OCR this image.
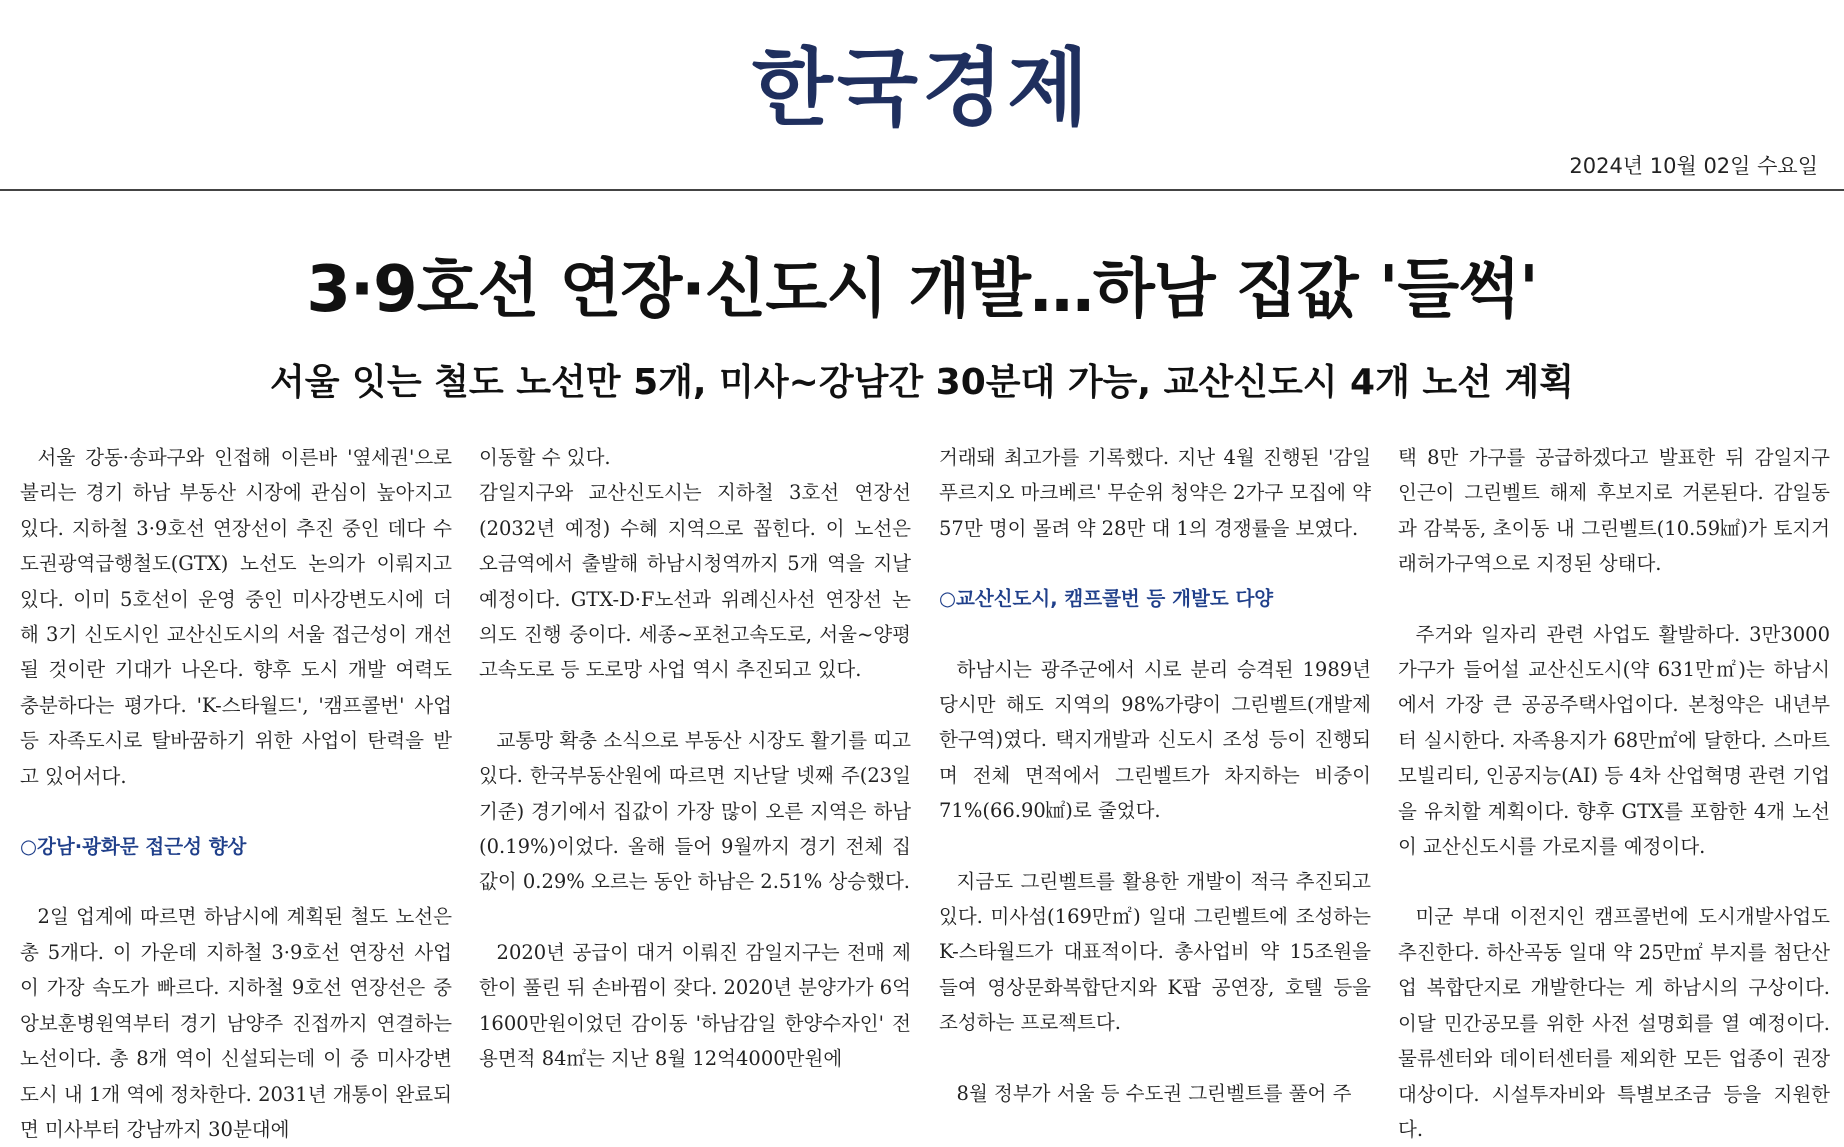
한국경제
2024년 10월 02일 수요일
3·9호선 연장·신도시 개발…하남 집값 '들썩'
서울 잇는 철도 노선만 5개, 미사~강남간 30분대 가능, 교산신도시 4개 노선 계획

서울 강동·송파구와 인접해 이른바 '옆세권'으로 불리는 경기 하남 부동산 시장에 관심이 높아지고 있다. 지하철 3·9호선 연장선이 추진 중인 데다 수도권광역급행철도(GTX) 노선도 논의가 이뤄지고 있다. 이미 5호선이 운영 중인 미사강변도시에 더해 3기 신도시인 교산신도시의 서울 접근성이 개선될 것이란 기대가 나온다. 향후 도시 개발 여력도 충분하다는 평가다. 'K-스타월드', '캠프콜번' 사업 등 자족도시로 탈바꿈하기 위한 사업이 탄력을 받고 있어서다.

○강남·광화문 접근성 향상

2일 업계에 따르면 하남시에 계획된 철도 노선은 총 5개다. 이 가운데 지하철 3·9호선 연장선 사업이 가장 속도가 빠르다. 지하철 9호선 연장선은 중앙보훈병원역부터 경기 남양주 진접까지 연결하는 노선이다. 총 8개 역이 신설되는데 이 중 미사강변도시 내 1개 역에 정차한다. 2031년 개통이 완료되면 미사부터 강남까지 30분대에

이동할 수 있다.

감일지구와 교산신도시는 지하철 3호선 연장선(2032년 예정) 수혜 지역으로 꼽힌다. 이 노선은 오금역에서 출발해 하남시청역까지 5개 역을 지날 예정이다. GTX-D·F노선과 위례신사선 연장선 논의도 진행 중이다. 세종~포천고속도로, 서울~양평고속도로 등 도로망 사업 역시 추진되고 있다.

교통망 확충 소식으로 부동산 시장도 활기를 띠고 있다. 한국부동산원에 따르면 지난달 넷째 주(23일 기준) 경기에서 집값이 가장 많이 오른 지역은 하남(0.19%)이었다. 올해 들어 9월까지 경기 전체 집값이 0.29% 오르는 동안 하남은 2.51% 상승했다.

2020년 공급이 대거 이뤄진 감일지구는 전매 제한이 풀린 뒤 손바뀜이 잦다. 2020년 분양가가 6억1600만원이었던 감이동 '하남감일 한양수자인' 전용면적 84㎡는 지난 8월 12억4000만원에

거래돼 최고가를 기록했다. 지난 4월 진행된 '감일 푸르지오 마크베르' 무순위 청약은 2가구 모집에 약 57만 명이 몰려 약 28만 대 1의 경쟁률을 보였다.

○교산신도시, 캠프콜번 등 개발도 다양

하남시는 광주군에서 시로 분리 승격된 1989년 당시만 해도 지역의 98%가량이 그린벨트(개발제한구역)였다. 택지개발과 신도시 조성 등이 진행되며 전체 면적에서 그린벨트가 차지하는 비중이 71%(66.90㎢)로 줄었다.

지금도 그린벨트를 활용한 개발이 적극 추진되고 있다. 미사섬(169만㎡) 일대 그린벨트에 조성하는 K-스타월드가 대표적이다. 총사업비 약 15조원을 들여 영상문화복합단지와 K팝 공연장, 호텔 등을 조성하는 프로젝트다.

8월 정부가 서울 등 수도권 그린벨트를 풀어 주

택 8만 가구를 공급하겠다고 발표한 뒤 감일지구 인근이 그린벨트 해제 후보지로 거론된다. 감일동과 감북동, 초이동 내 그린벨트(10.59㎢)가 토지거래허가구역으로 지정된 상태다.

주거와 일자리 관련 사업도 활발하다. 3만3000가구가 들어설 교산신도시(약 631만㎡)는 하남시에서 가장 큰 공공주택사업이다. 본청약은 내년부터 실시한다. 자족용지가 68만㎡에 달한다. 스마트 모빌리티, 인공지능(AI) 등 4차 산업혁명 관련 기업을 유치할 계획이다. 향후 GTX를 포함한 4개 노선이 교산신도시를 가로지를 예정이다.

미군 부대 이전지인 캠프콜번에 도시개발사업도 추진한다. 하산곡동 일대 약 25만㎡ 부지를 첨단산업 복합단지로 개발한다는 게 하남시의 구상이다. 이달 민간공모를 위한 사전 설명회를 열 예정이다. 물류센터와 데이터센터를 제외한 모든 업종이 권장 대상이다. 시설투자비와 특별보조금 등을 지원한다.
